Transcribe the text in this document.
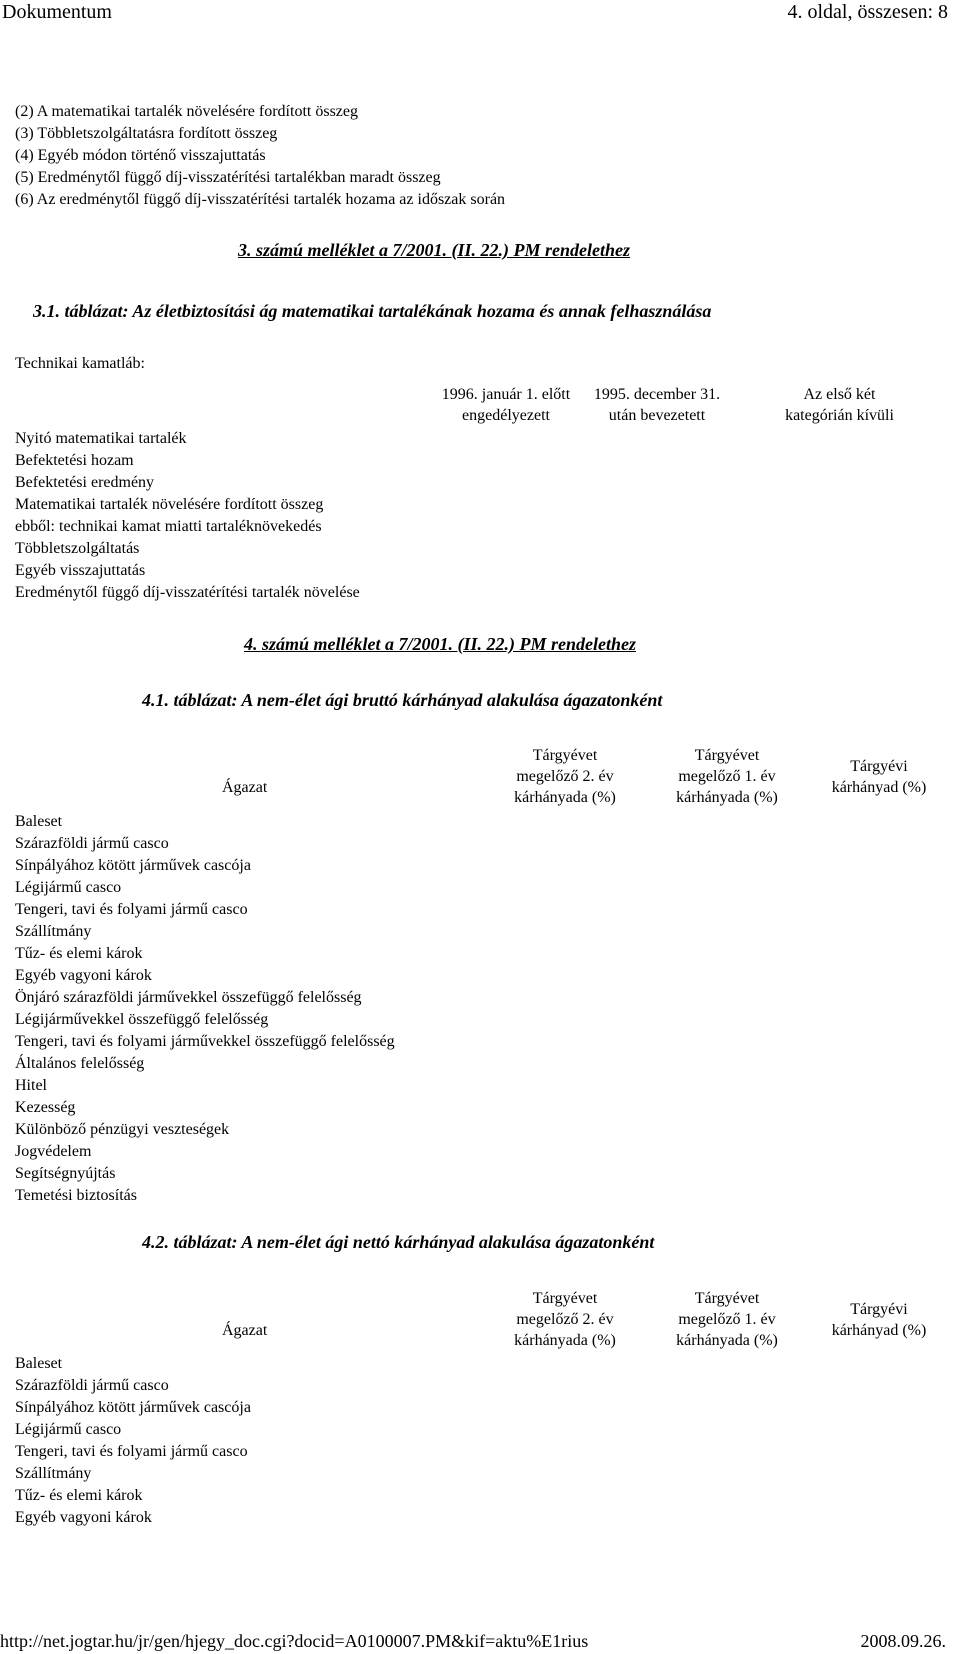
Dokumentum	4. oldal, összesen: 8
(2) A matematikai tartalék növelésére fordított összeg
(3) Többletszolgáltatásra fordított összeg
(4) Egyéb módon történő visszajuttatás
(5) Eredménytől függő díj-visszatérítési tartalékban maradt összeg
(6) Az eredménytől függő díj-visszatérítési tartalék hozama az időszak során
3. számú melléklet a 7/2001. (II. 22.) PM rendelethez
3.1. táblázat: Az életbiztosítási ág matematikai tartalékának hozama és annak felhasználása
Technikai kamatláb:
1996. január 1. előtt
engedélyezett
1995. december 31.
után bevezetett
Az első két
kategórián kívüli
Nyitó matematikai tartalék
Befektetési hozam
Befektetési eredmény
Matematikai tartalék növelésére fordított összeg
ebből: technikai kamat miatti tartaléknövekedés
Többletszolgáltatás
Egyéb visszajuttatás
Eredménytől függő díj-visszatérítési tartalék növelése
4. számú melléklet a 7/2001. (II. 22.) PM rendelethez
4.1. táblázat: A nem-élet ági bruttó kárhányad alakulása ágazatonként
Ágazat
Tárgyévet
megelőző 2. év
kárhányada (%)
Tárgyévet
megelőző 1. év
kárhányada (%)
Tárgyévi
kárhányad (%)
Baleset
Szárazföldi jármű casco
Sínpályához kötött járművek cascója
Légijármű casco
Tengeri, tavi és folyami jármű casco
Szállítmány
Tűz- és elemi károk
Egyéb vagyoni károk
Önjáró szárazföldi járművekkel összefüggő felelősség
Légijárművekkel összefüggő felelősség
Tengeri, tavi és folyami járművekkel összefüggő felelősség
Általános felelősség
Hitel
Kezesség
Különböző pénzügyi veszteségek
Jogvédelem
Segítségnyújtás
Temetési biztosítás
4.2. táblázat: A nem-élet ági nettó kárhányad alakulása ágazatonként
Ágazat
Tárgyévet
megelőző 2. év
kárhányada (%)
Tárgyévet
megelőző 1. év
kárhányada (%)
Tárgyévi
kárhányad (%)
Baleset
Szárazföldi jármű casco
Sínpályához kötött járművek cascója
Légijármű casco
Tengeri, tavi és folyami jármű casco
Szállítmány
Tűz- és elemi károk
Egyéb vagyoni károk
http://net.jogtar.hu/jr/gen/hjegy_doc.cgi?docid=A0100007.PM&kif=aktu%E1rius	2008.09.26.
